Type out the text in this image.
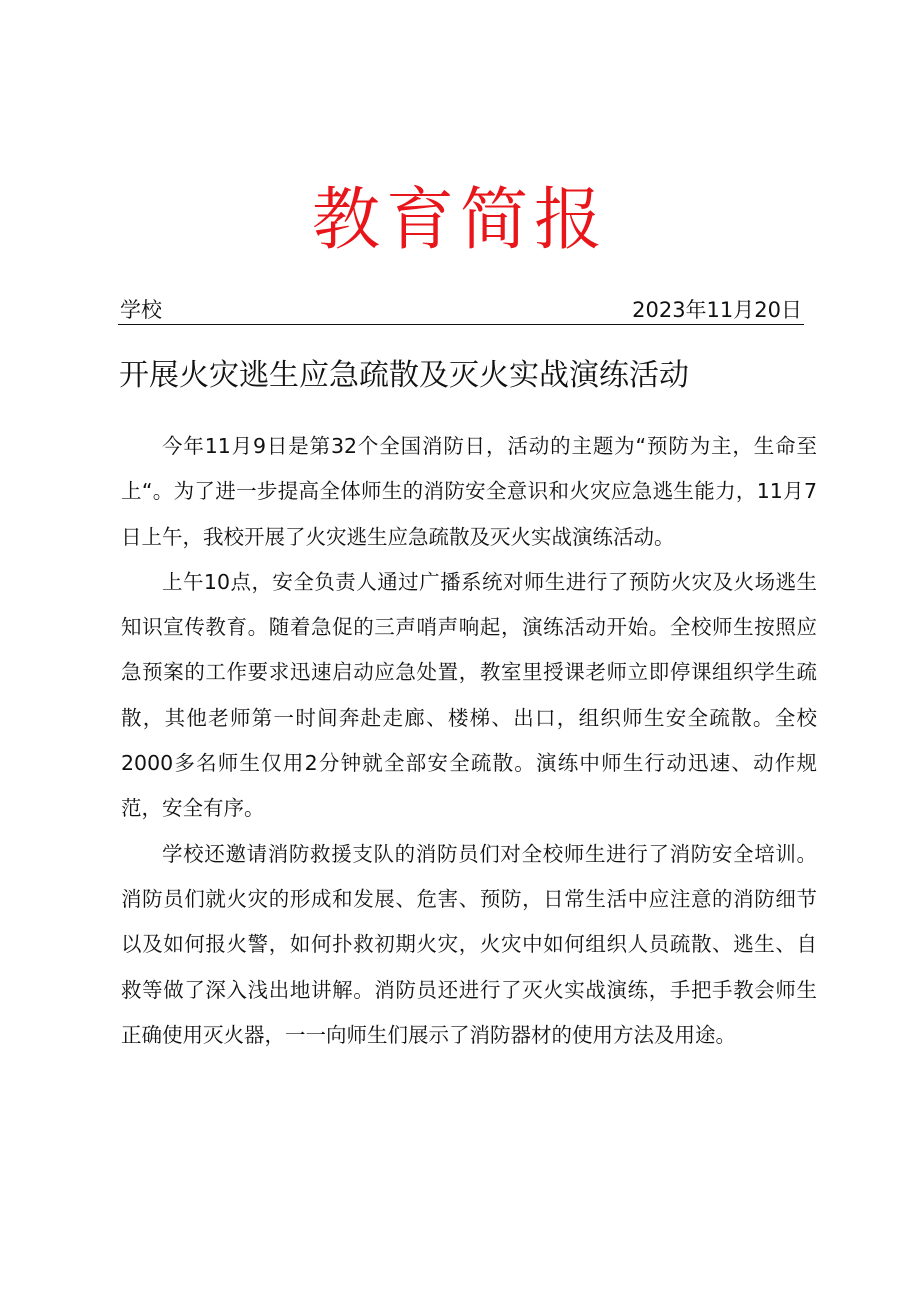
教育简报
学校	2023年11月20日
开展火灾逃生应急疏散及灭火实战演练活动

今年11月9日是第32个全国消防日，活动的主题为“预防为主，生命至上“。为了进一步提高全体师生的消防安全意识和火灾应急逃生能力，11月7日上午，我校开展了火灾逃生应急疏散及灭火实战演练活动。

上午10点，安全负责人通过广播系统对师生进行了预防火灾及火场逃生知识宣传教育。随着急促的三声哨声响起，演练活动开始。全校师生按照应急预案的工作要求迅速启动应急处置，教室里授课老师立即停课组织学生疏散，其他老师第一时间奔赴走廊、楼梯、出口，组织师生安全疏散。全校2000多名师生仅用2分钟就全部安全疏散。演练中师生行动迅速、动作规范，安全有序。

学校还邀请消防救援支队的消防员们对全校师生进行了消防安全培训。消防员们就火灾的形成和发展、危害、预防，日常生活中应注意的消防细节以及如何报火警，如何扑救初期火灾，火灾中如何组织人员疏散、逃生、自救等做了深入浅出地讲解。消防员还进行了灭火实战演练，手把手教会师生正确使用灭火器，一一向师生们展示了消防器材的使用方法及用途。
